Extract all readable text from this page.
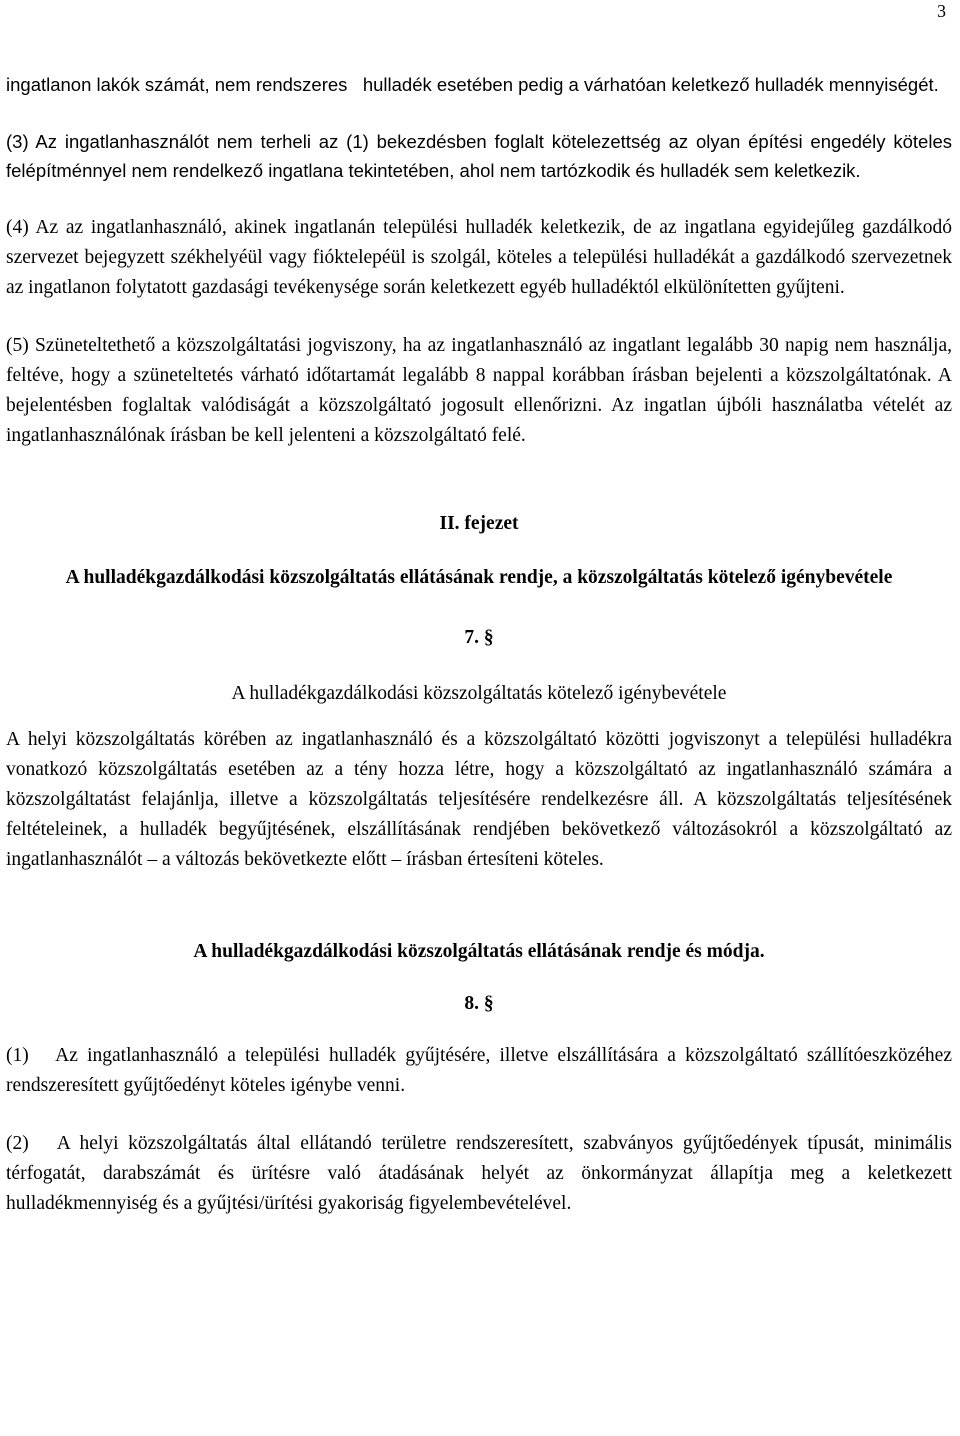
3

ingatlanon lakók számát, nem rendszeres   hulladék esetében pedig a várhatóan keletkező hulladék mennyiségét.

(3) Az ingatlanhasználót nem terheli az (1) bekezdésben foglalt kötelezettség az olyan építési engedély köteles felépítménnyel nem rendelkező ingatlana tekintetében, ahol nem tartózkodik és hulladék sem keletkezik.

(4) Az az ingatlanhasználó, akinek ingatlanán települési hulladék keletkezik, de az ingatlana egyidejűleg gazdálkodó szervezet bejegyzett székhelyéül vagy fióktelepéül is szolgál, köteles a települési hulladékát a gazdálkodó szervezetnek az ingatlanon folytatott gazdasági tevékenysége során keletkezett egyéb hulladéktól elkülönítetten gyűjteni.

(5) Szüneteltethető a közszolgáltatási jogviszony, ha az ingatlanhasználó az ingatlant legalább 30 napig nem használja, feltéve, hogy a szüneteltetés várható időtartamát legalább 8 nappal korábban írásban bejelenti a közszolgáltatónak. A bejelentésben foglaltak valódiságát a közszolgáltató jogosult ellenőrizni. Az ingatlan újbóli használatba vételét az ingatlanhasználónak írásban be kell jelenteni a közszolgáltató felé.

II. fejezet
A hulladékgazdálkodási közszolgáltatás ellátásának rendje, a közszolgáltatás kötelező igénybevétele
7. §
A hulladékgazdálkodási közszolgáltatás kötelező igénybevétele

A helyi közszolgáltatás körében az ingatlanhasználó és a közszolgáltató közötti jogviszonyt a települési hulladékra vonatkozó közszolgáltatás esetében az a tény hozza létre, hogy a közszolgáltató az ingatlanhasználó számára a közszolgáltatást felajánlja, illetve a közszolgáltatás teljesítésére rendelkezésre áll. A közszolgáltatás teljesítésének feltételeinek, a hulladék begyűjtésének, elszállításának rendjében bekövetkező változásokról a közszolgáltató az ingatlanhasználót – a változás bekövetkezte előtt – írásban értesíteni köteles.

A hulladékgazdálkodási közszolgáltatás ellátásának rendje és módja.
8. §

(1)   Az ingatlanhasználó a települési hulladék gyűjtésére, illetve elszállítására a közszolgáltató szállítóeszközéhez rendszeresített gyűjtőedényt köteles igénybe venni.

(2)   A helyi közszolgáltatás által ellátandó területre rendszeresített, szabványos gyűjtőedények típusát, minimális térfogatát, darabszámát és ürítésre való átadásának helyét az önkormányzat állapítja meg a keletkezett hulladékmennyiség és a gyűjtési/ürítési gyakoriság figyelembevételével.
